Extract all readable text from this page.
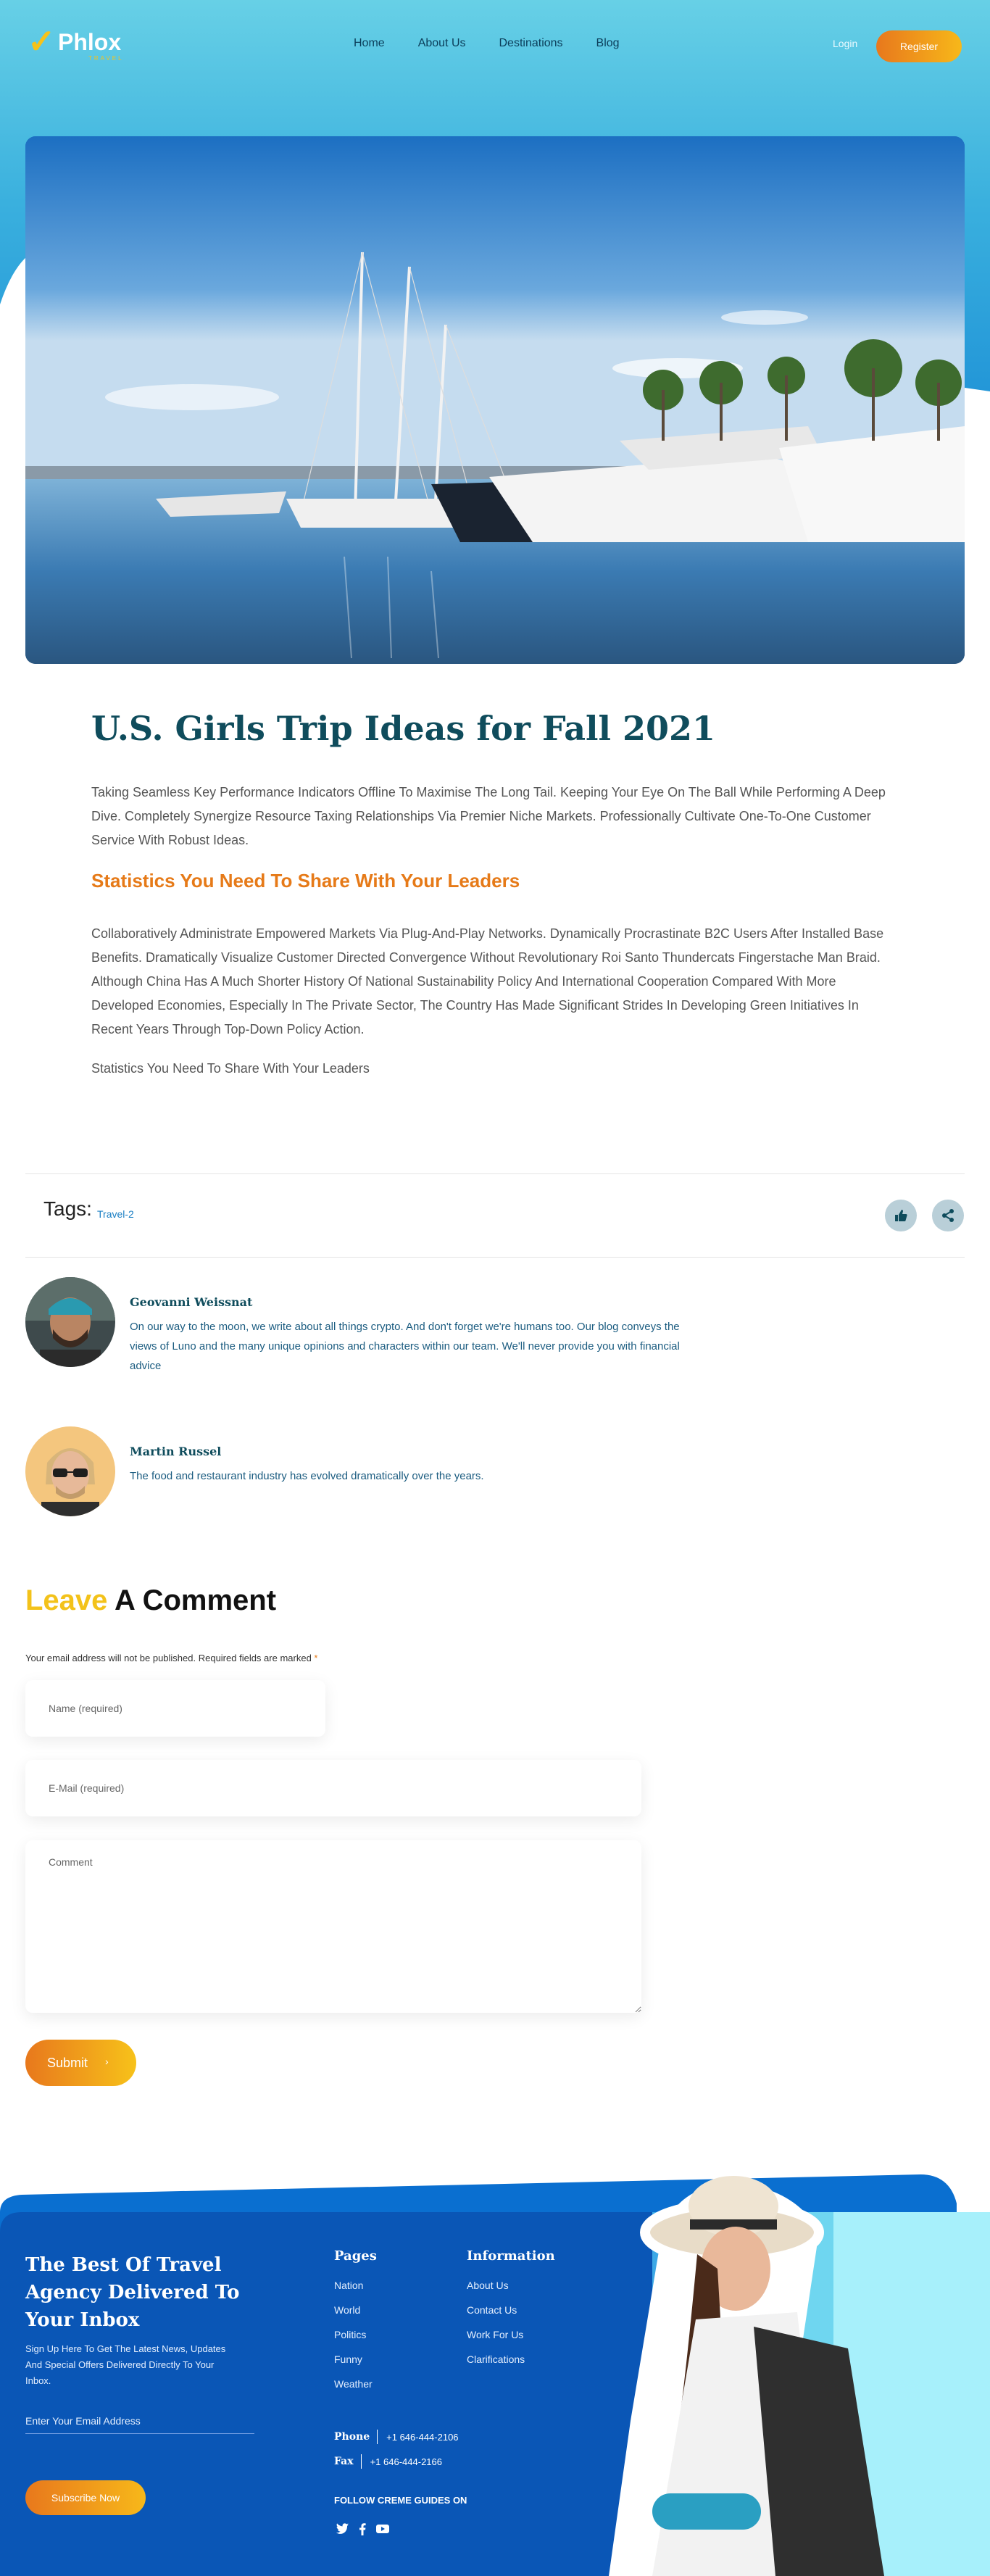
✓ Phlox
TRAVEL
Home	About Us	Destinations	Blog	Login	Register
U.S. Girls Trip Ideas for Fall 2021

Taking Seamless Key Performance Indicators Offline To Maximise The Long Tail. Keeping Your Eye On The Ball While Performing A Deep Dive. Completely Synergize Resource Taxing Relationships Via Premier Niche Markets. Professionally Cultivate One-To-One Customer Service With Robust Ideas.

Statistics You Need To Share With Your Leaders

Collaboratively Administrate Empowered Markets Via Plug-And-Play Networks. Dynamically Procrastinate B2C Users After Installed Base Benefits. Dramatically Visualize Customer Directed Convergence Without Revolutionary Roi Santo Thundercats Fingerstache Man Braid. Although China Has A Much Shorter History Of National Sustainability Policy And International Cooperation Compared With More Developed Economies, Especially In The Private Sector, The Country Has Made Significant Strides In Developing Green Initiatives In Recent Years Through Top-Down Policy Action.

Statistics You Need To Share With Your Leaders

Tags: Travel-2
Geovanni Weissnat
On our way to the moon, we write about all things crypto. And don't forget we're humans too. Our blog conveys the views of Luno and the many unique opinions and characters within our team. We'll never provide you with financial advice
Martin Russel
The food and restaurant industry has evolved dramatically over the years.
Leave A Comment
Your email address will not be published. Required fields are marked *
Name (required)
E-Mail (required)
Comment
Submit ›
The Best Of Travel Agency Delivered To Your Inbox
Sign Up Here To Get The Latest News, Updates And Special Offers Delivered Directly To Your Inbox.
Enter Your Email Address
Subscribe Now
Pages
Nation
World
Politics
Funny
Weather
Information
About Us
Contact Us
Work For Us
Clarifications
Phone +1 646-444-2106
Fax +1 646-444-2166
FOLLOW CREME GUIDES ON
